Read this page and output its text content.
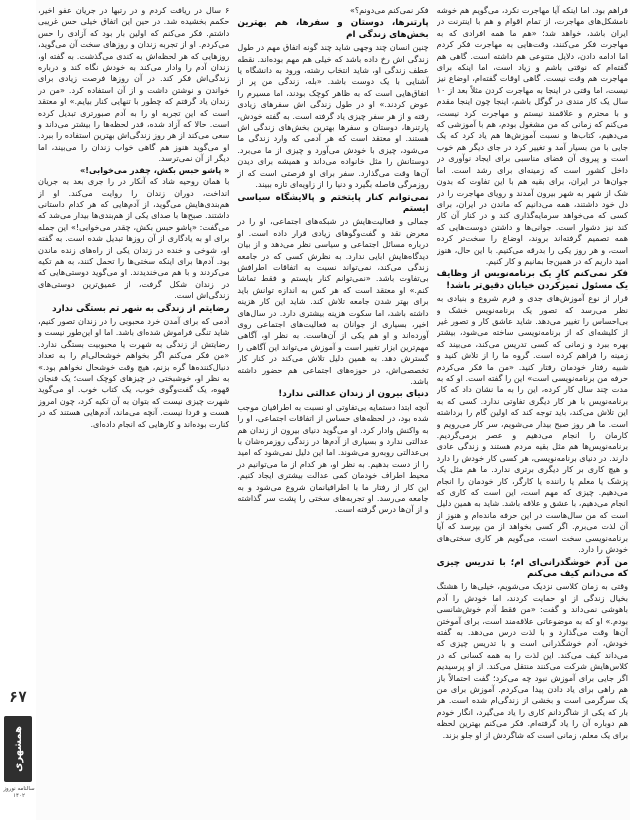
۶۷
همشهری
سالنامه نوروز ۱۴۰۲

فراهم بود. اما اینکه آیا مهاجرت نکرد، می‌گویم هم خوشه نامشکل‌های مهاجرت، از تمام اقوام و هم با اینترنت در ایران باشد، خواهد شد؛ «هم ما همه افرادی که به مهاجرت فکر می‌کنند، وقت‌هایی به مهاجرت فکر کردم اما ادامه دادن، دلایل متنوعی هم داشته است. گاهی هم گفته‌ام که نوقتی باشم و زیاد است، اما اینکه برای مهاجرت هم وقت نیست. گاهی اوقات گفته‌ام، اوضاع نیز نیست، اما وقتی در اینجا به مهاجرت کردن مثلاً بعد از ۱۰ سال یک کار مندی در گوگل باشم، اینجا چون اینجا مقدم و با محترم و علاقمند نیستم و مهاجرت کرد نیست، می‌کنم که زمانی که من مشغول بودم، هم با آموزشی که می‌دهیم، کتاب‌ها و نسبت آموزش‌ها هم یاد کرد که یک جایی با من بسیار آمد و تغییر کرد در جای دیگر هم خوب است و پیروی آن فضای مناسبی برای ایجاد نوآوری در داخل کشور است که زمینه‌ای برای رشد است. اما جوان‌ها در ایران، برای بقیه هم با این تفاوت که بدون شک از شهر به شهر بیرون آمدند و رویای مهاجرت را در دل خود داشتند، همه می‌دانیم که ماندن در ایران، برای کسی که می‌خواهد سرمایه‌گذاری کند و در کنار آن کار کند نیز دشوار است. جوانی‌ها و داشتن دوست‌هایی که همه تصمیم گرفته‌اند بروند، اوضاع را سخت‌تر کرده است، و هر روز یکی را بدرقه می‌کنیم. با این حال، هنوز امید داریم که در همین‌جا بمانیم و کار کنیم.

فکر نمی‌کنم کارِ یک برنامه‌نویس از وظایف یک مسئول تمیزکردن خیابان دقیق‌تر باشد!

قرار از نوع آموزش‌های جدی و فرم شروع و بنیادی به نظر می‌رسد که تصور یک برنامه‌نویس خشک و بی‌احساس را تغییر می‌دهد. شاید عاشق کار و تصور غیر از کلیشه‌ای که از برنامه‌نویسی ساخته می‌شود، بیشتر بهره ببرد و زمانی که کسی تدریس می‌کند، می‌بیند که زمینه را فراهم کرده است. گروه ما را از تلاش کنید و شبیه رفتار خودمان رفتار کنید. «من ما فکر می‌کردم حرفه من برنامه‌نویسی است» این را گفته است. او که به مدت چند سال کار کرده، این را به ما نشان داد که کار برنامه‌نویس با هر کار دیگری تفاوتی ندارد. کسی که به این تلاش می‌کند، باید توجه کند که اولین گام را برداشته است. ما هر روز صبح بیدار می‌شویم، سر کار می‌رویم و کارمان را انجام می‌دهیم و عصر برمی‌گردیم. برنامه‌نویس‌ها هم مثل بقیه مردم هستند و زندگی عادی دارند. در دنیای برنامه‌نویسی، هر کسی کار خودش را دارد و هیچ کاری بر کار دیگری برتری ندارد. ما هم مثل یک پزشک یا معلم یا راننده یا کارگر، کار خودمان را انجام می‌دهیم. چیزی که مهم است، این است که کاری که انجام می‌دهیم، با عشق و علاقه باشد. شاید به همین دلیل است که من سال‌هاست در این حرفه مانده‌ام و هنوز از آن لذت می‌برم. اگر کسی بخواهد از من بپرسد که آیا برنامه‌نویسی سخت است، می‌گویم هر کاری سختی‌های خودش را دارد.

من آدم خوشگذرانی‌ای ام؛ با تدریس چیزی که می‌دانم کیف می‌کنم

وقتی به زمان کلاسی نزدیک می‌شویم، خیلی‌ها را هشتگ بخیال زندگی از او حمایت کردند، اما خودش را آدم باهوشی نمی‌داند و گفت: «من فقط آدم خوش‌شانسی بودم.» او که به موضوعاتی علاقه‌مند است، برای آموختن آن‌ها وقت می‌گذارد و با لذت درس می‌دهد. به گفته خودش، آدم خوشگذرانی است و با تدریس چیزی که می‌داند کیف می‌کند. این لذت را به همه کسانی که در کلاس‌هایش شرکت می‌کنند منتقل می‌کند. از او پرسیدیم اگر جایی برای آموزش نبود چه می‌کرد؛ گفت احتمالاً باز هم راهی برای یاد دادن پیدا می‌کردم. آموزش برای من یک سرگرمی است و بخشی از زندگی‌ام شده است. هر بار که یکی از شاگردانم کاری را یاد می‌گیرد، انگار خودم هم دوباره آن را یاد گرفته‌ام. فکر می‌کنم بهترین لحظه برای یک معلم، زمانی است که شاگردش از او جلو بزند.

فکر نمی‌کنم می‌دونم؟»

پارتنرها، دوستان و سفرها، هم بهترین بخش‌های زندگی ام

چنین انسان چند وجهی شاید چند گونه اتفاق مهم در طول زندگی اش رخ داده باشد که خیلی هم مهم بوده‌اند. نقطه عطف زندگی او، شاید انتخاب رشته، ورود به دانشگاه یا آشنایی با یک دوست باشد. «بله، زندگی من پر از اتفاق‌هایی است که به ظاهر کوچک بودند، اما مسیرم را عوض کردند.» او در طول زندگی اش سفرهای زیادی رفته و از هر سفر چیزی یاد گرفته است. به گفته خودش، پارتنرها، دوستان و سفرها بهترین بخش‌های زندگی اش هستند. او معتقد است که هر آدمی که وارد زندگی ما می‌شود، چیزی با خودش می‌آورد و چیزی از ما می‌برد. دوستانش را مثل خانواده می‌داند و همیشه برای دیدن آن‌ها وقت می‌گذارد. سفر برای او فرصتی است که از روزمرگی فاصله بگیرد و دنیا را از زاویه‌ای تازه ببیند.

نمی‌توانم کنار پایتختم و پالایشگاه سیاسی ایستم

جمالی و فعالیت‌هایش در شبکه‌های اجتماعی، او را در معرض نقد و گفت‌وگوهای زیادی قرار داده است. او درباره مسائل اجتماعی و سیاسی نظر می‌دهد و از بیان دیدگاه‌هایش ابایی ندارد. به نظرش کسی که در جامعه زندگی می‌کند، نمی‌تواند نسبت به اتفاقات اطرافش بی‌تفاوت باشد. «نمی‌توانم کنار بایستم و فقط تماشا کنم.» او معتقد است که هر کس به اندازه توانش باید برای بهتر شدن جامعه تلاش کند. شاید این کار هزینه داشته باشد، اما سکوت هزینه بیشتری دارد. در سال‌های اخیر، بسیاری از جوانان به فعالیت‌های اجتماعی روی آورده‌اند و او هم یکی از آن‌هاست. به نظر او، آگاهی مهم‌ترین ابزار تغییر است و آموزش می‌تواند این آگاهی را گسترش دهد. به همین دلیل تلاش می‌کند در کنار کار تخصصی‌اش، در حوزه‌های اجتماعی هم حضور داشته باشد.

دنیای بیرون از زندان عدالتی ندارد!

آنچه ابتدا دستمایه بی‌تفاوتی او نسبت به اطرافیان موجب شده بود، در لحظه‌های حساس از اتفاقات اجتماعی، او را به واکنش وادار کرد. او می‌گوید دنیای بیرون از زندان هم عدالتی ندارد و بسیاری از آدم‌ها در زندگی روزمره‌شان با بی‌عدالتی روبه‌رو می‌شوند. اما این دلیل نمی‌شود که امید را از دست بدهیم. به نظر او، هر کدام از ما می‌توانیم در محیط اطراف خودمان کمی عدالت بیشتری ایجاد کنیم. این کار از رفتار ما با اطرافیانمان شروع می‌شود و به جامعه می‌رسد. او تجربه‌های سختی را پشت سر گذاشته و از آن‌ها درس گرفته است.

۶ سال در ریافت کردم و در رتبها در جریان عفو اخیر، حکمم بخشیده شد. در حین این اتفاق خیلی حس غریبی داشتم. فکر می‌کنم که اولین بار بود که آزادی را حس می‌کردم. او از تجربه زندان و روزهای سخت آن می‌گوید، روزهایی که هر لحظه‌اش به کندی می‌گذشت. به گفته او، زندان آدم را وادار می‌کند به خودش نگاه کند و درباره زندگی‌اش فکر کند. در آن روزها فرصت زیادی برای خواندن و نوشتن داشت و از آن استفاده کرد. «من در زندان یاد گرفتم که چطور با تنهایی کنار بیایم.» او معتقد است که این تجربه او را به آدم صبورتری تبدیل کرده است. حالا که آزاد شده، قدر لحظه‌ها را بیشتر می‌داند و سعی می‌کند از هر روز زندگی‌اش بهترین استفاده را ببرد. او می‌گوید هنوز هم گاهی خواب زندان را می‌بیند، اما دیگر از آن نمی‌ترسد.

« پاشو حبس بکش، چقدر می‌خوابی!»

با همان روحیه شاد که آنکار در را جری بعد به جریان انداخت، دوران زندان را روایت می‌کند. او از هم‌بندی‌هایش می‌گوید، از آدم‌هایی که هر کدام داستانی داشتند. صبح‌ها با صدای یکی از هم‌بندی‌ها بیدار می‌شد که می‌گفت: «پاشو حبس بکش، چقدر می‌خوابی!» این جمله برای او به یادگاری از آن روزها تبدیل شده است. به گفته او، شوخی و خنده در زندان یکی از راه‌های زنده ماندن بود. آدم‌ها برای اینکه سختی‌ها را تحمل کنند، به هم تکیه می‌کردند و با هم می‌خندیدند. او می‌گوید دوستی‌هایی که در زندان شکل گرفت، از عمیق‌ترین دوستی‌های زندگی‌اش است.

رضایتم از زندگی به شهر تم بستگی ندارد

آدمی که برای آمدن خرد محبوبی را در زندان تصور کنیم، شاید تنگی فراموش شده‌ای باشد. اما او این‌طور نیست و رضایتش از زندگی به شهرت یا محبوبیت بستگی ندارد. «من فکر می‌کنم اگر بخواهم خوشحالی‌ام را به تعداد دنبال‌کننده‌ها گره بزنم، هیچ وقت خوشحال نخواهم بود.» به نظر او، خوشبختی در چیزهای کوچک است؛ یک فنجان قهوه، یک گفت‌وگوی خوب، یک کتاب خوب. او می‌گوید شهرت چیزی نیست که بتوان به آن تکیه کرد، چون امروز هست و فردا نیست. آنچه می‌ماند، آدم‌هایی هستند که در کنارت بوده‌اند و کارهایی که انجام داده‌ای.
